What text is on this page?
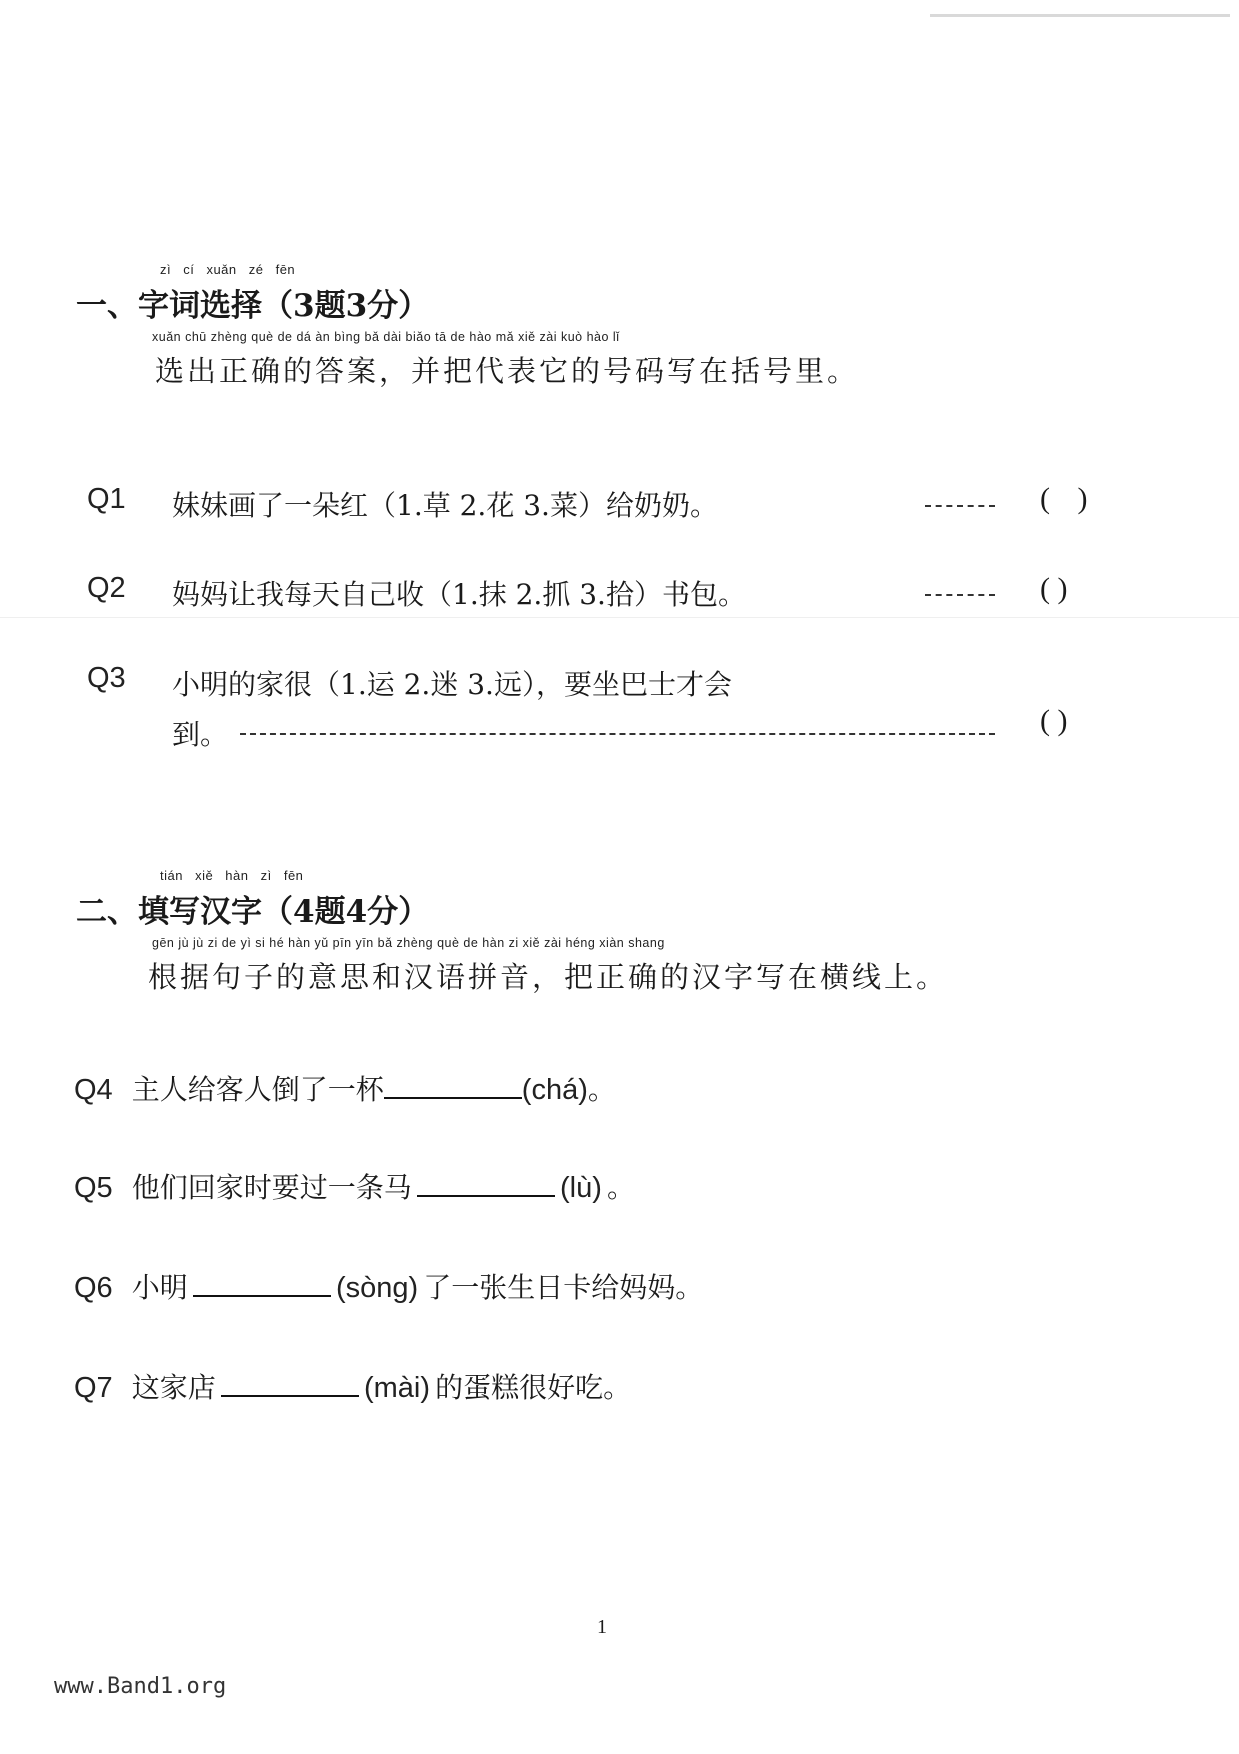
zì cí xuǎn zé fēn
一、字词选择（3题3分）
xuǎn chū zhèng què de dá àn bìng bǎ dài biǎo tā de hào mǎ xiě zài kuò hào lǐ
选出正确的答案，并把代表它的号码写在括号里。
Q1 妹妹画了一朵红（1.草 2.花 3.菜）给奶奶。	( )
Q2 妈妈让我每天自己收（1.抹 2.抓 3.拾）书包。	( )
Q3 小明的家很（1.运 2.迷 3.远），要坐巴士才会
到。	( )
tián xiě hàn zì fēn
二、填写汉字（4题4分）
gēn jù jù zi de yì si hé hàn yǔ pīn yīn bǎ zhèng què de hàn zi xiě zài héng xiàn shang
根据句子的意思和汉语拼音，把正确的汉字写在横线上。
Q4 主人给客人倒了一杯	(chá)。
Q5 他们回家时要过一条马	(lù) 。
Q6 小明	(sòng) 了一张生日卡给妈妈。
Q7 这家店	(mài) 的蛋糕很好吃。
1
www.Band1.org
